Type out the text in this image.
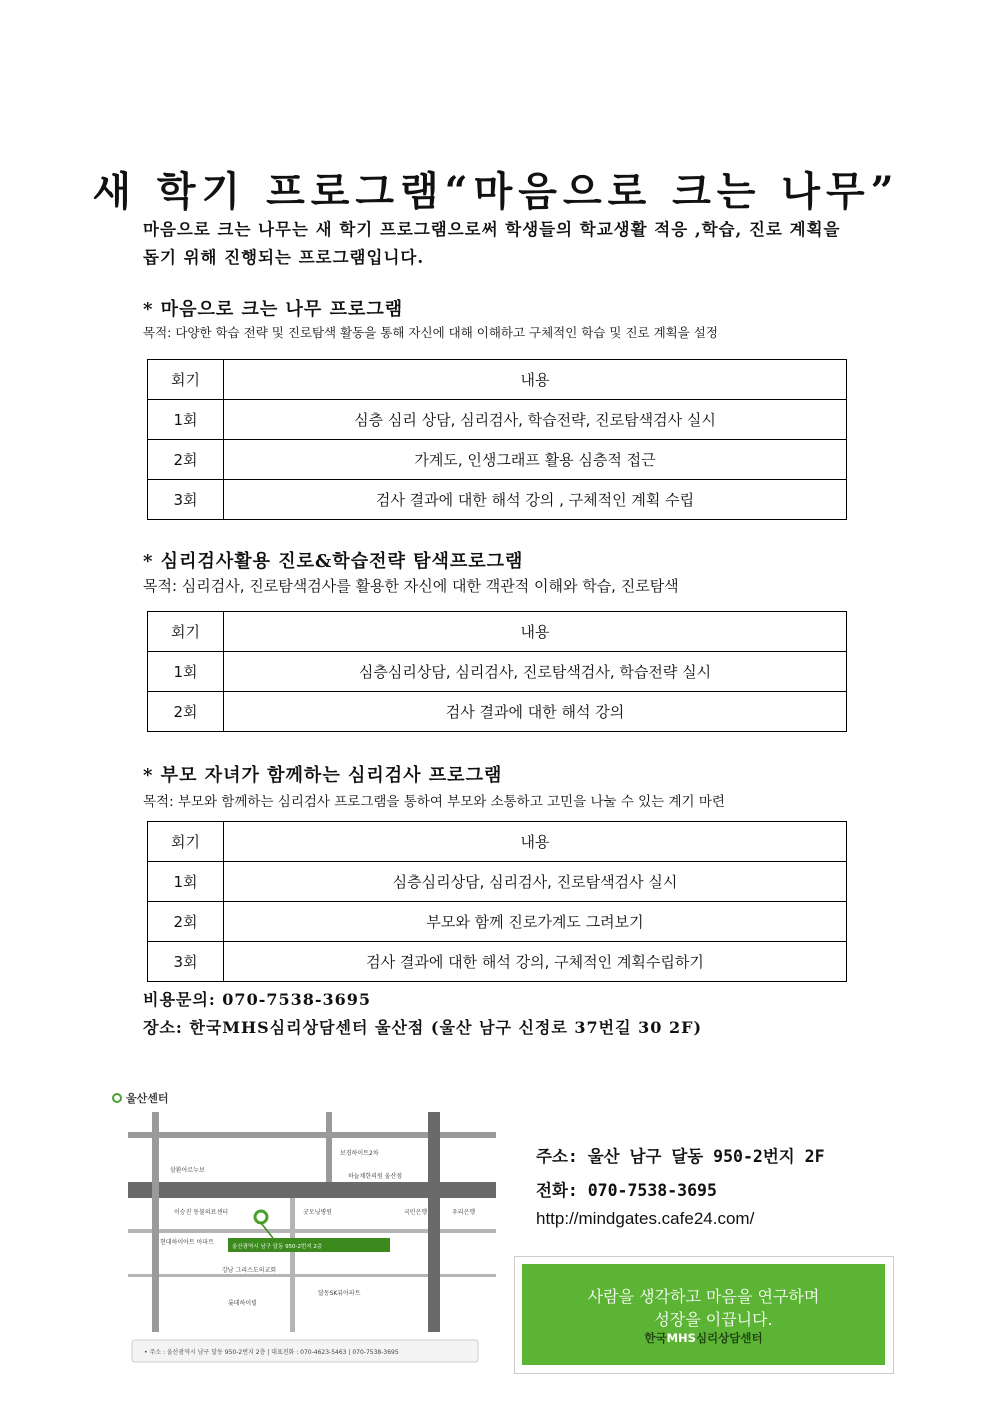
새 학기 프로그램“마음으로 크는 나무”
마음으로 크는 나무는 새 학기 프로그램으로써 학생들의 학교생활 적응 ,학습, 진로 계획을 돕기 위해 진행되는 프로그램입니다.
* 마음으로 크는 나무 프로그램
목적: 다양한 학습 전략 및 진로탐색 활동을 통해 자신에 대해 이해하고 구체적인 학습 및 진로 계획을 설정
회기	내용
1회	심층 심리 상담, 심리검사, 학습전략, 진로탐색검사 실시
2회	가계도, 인생그래프 활용 심층적 접근
3회	검사 결과에 대한 해석 강의 , 구체적인 계획 수립
* 심리검사활용 진로&학습전략 탐색프로그램
목적: 심리검사, 진로탐색검사를 활용한 자신에 대한 객관적 이해와 학습, 진로탐색
회기	내용
1회	심층심리상담, 심리검사, 진로탐색검사, 학습전략 실시
2회	검사 결과에 대한 해석 강의
* 부모 자녀가 함께하는 심리검사 프로그램
목적: 부모와 함께하는 심리검사 프로그램을 통하여 부모와 소통하고 고민을 나눌 수 있는 계기 마련
회기	내용
1회	심층심리상담, 심리검사, 진로탐색검사 실시
2회	부모와 함께 진로가계도 그려보기
3회	검사 결과에 대한 해석 강의, 구체적인 계획수립하기
비용문의: 070-7538-3695
장소: 한국MHS심리상담센터 울산점 (울산 남구 신정로 37번길 30 2F)
울산센터
보경하이트2차
삼환아르누보
하늘채한의원 울산점
이승진 동물의료센터	굿모닝병원	국민은행	우리은행
현대하이아트 아파트
울산광역시 남구 달동 950-2번지 2층
강남 그리스도의교회
달동SK뷰아파트
롯데하이빌
• 주소 : 울산광역시 남구 달동 950-2번지 2층 | 대표전화 : 070-4623-5463 | 070-7538-3695
주소: 울산 남구 달동 950-2번지 2F
전화: 070-7538-3695
http://mindgates.cafe24.com/
사람을 생각하고 마음을 연구하며
성장을 이끕니다.
한국MHS심리상담센터
